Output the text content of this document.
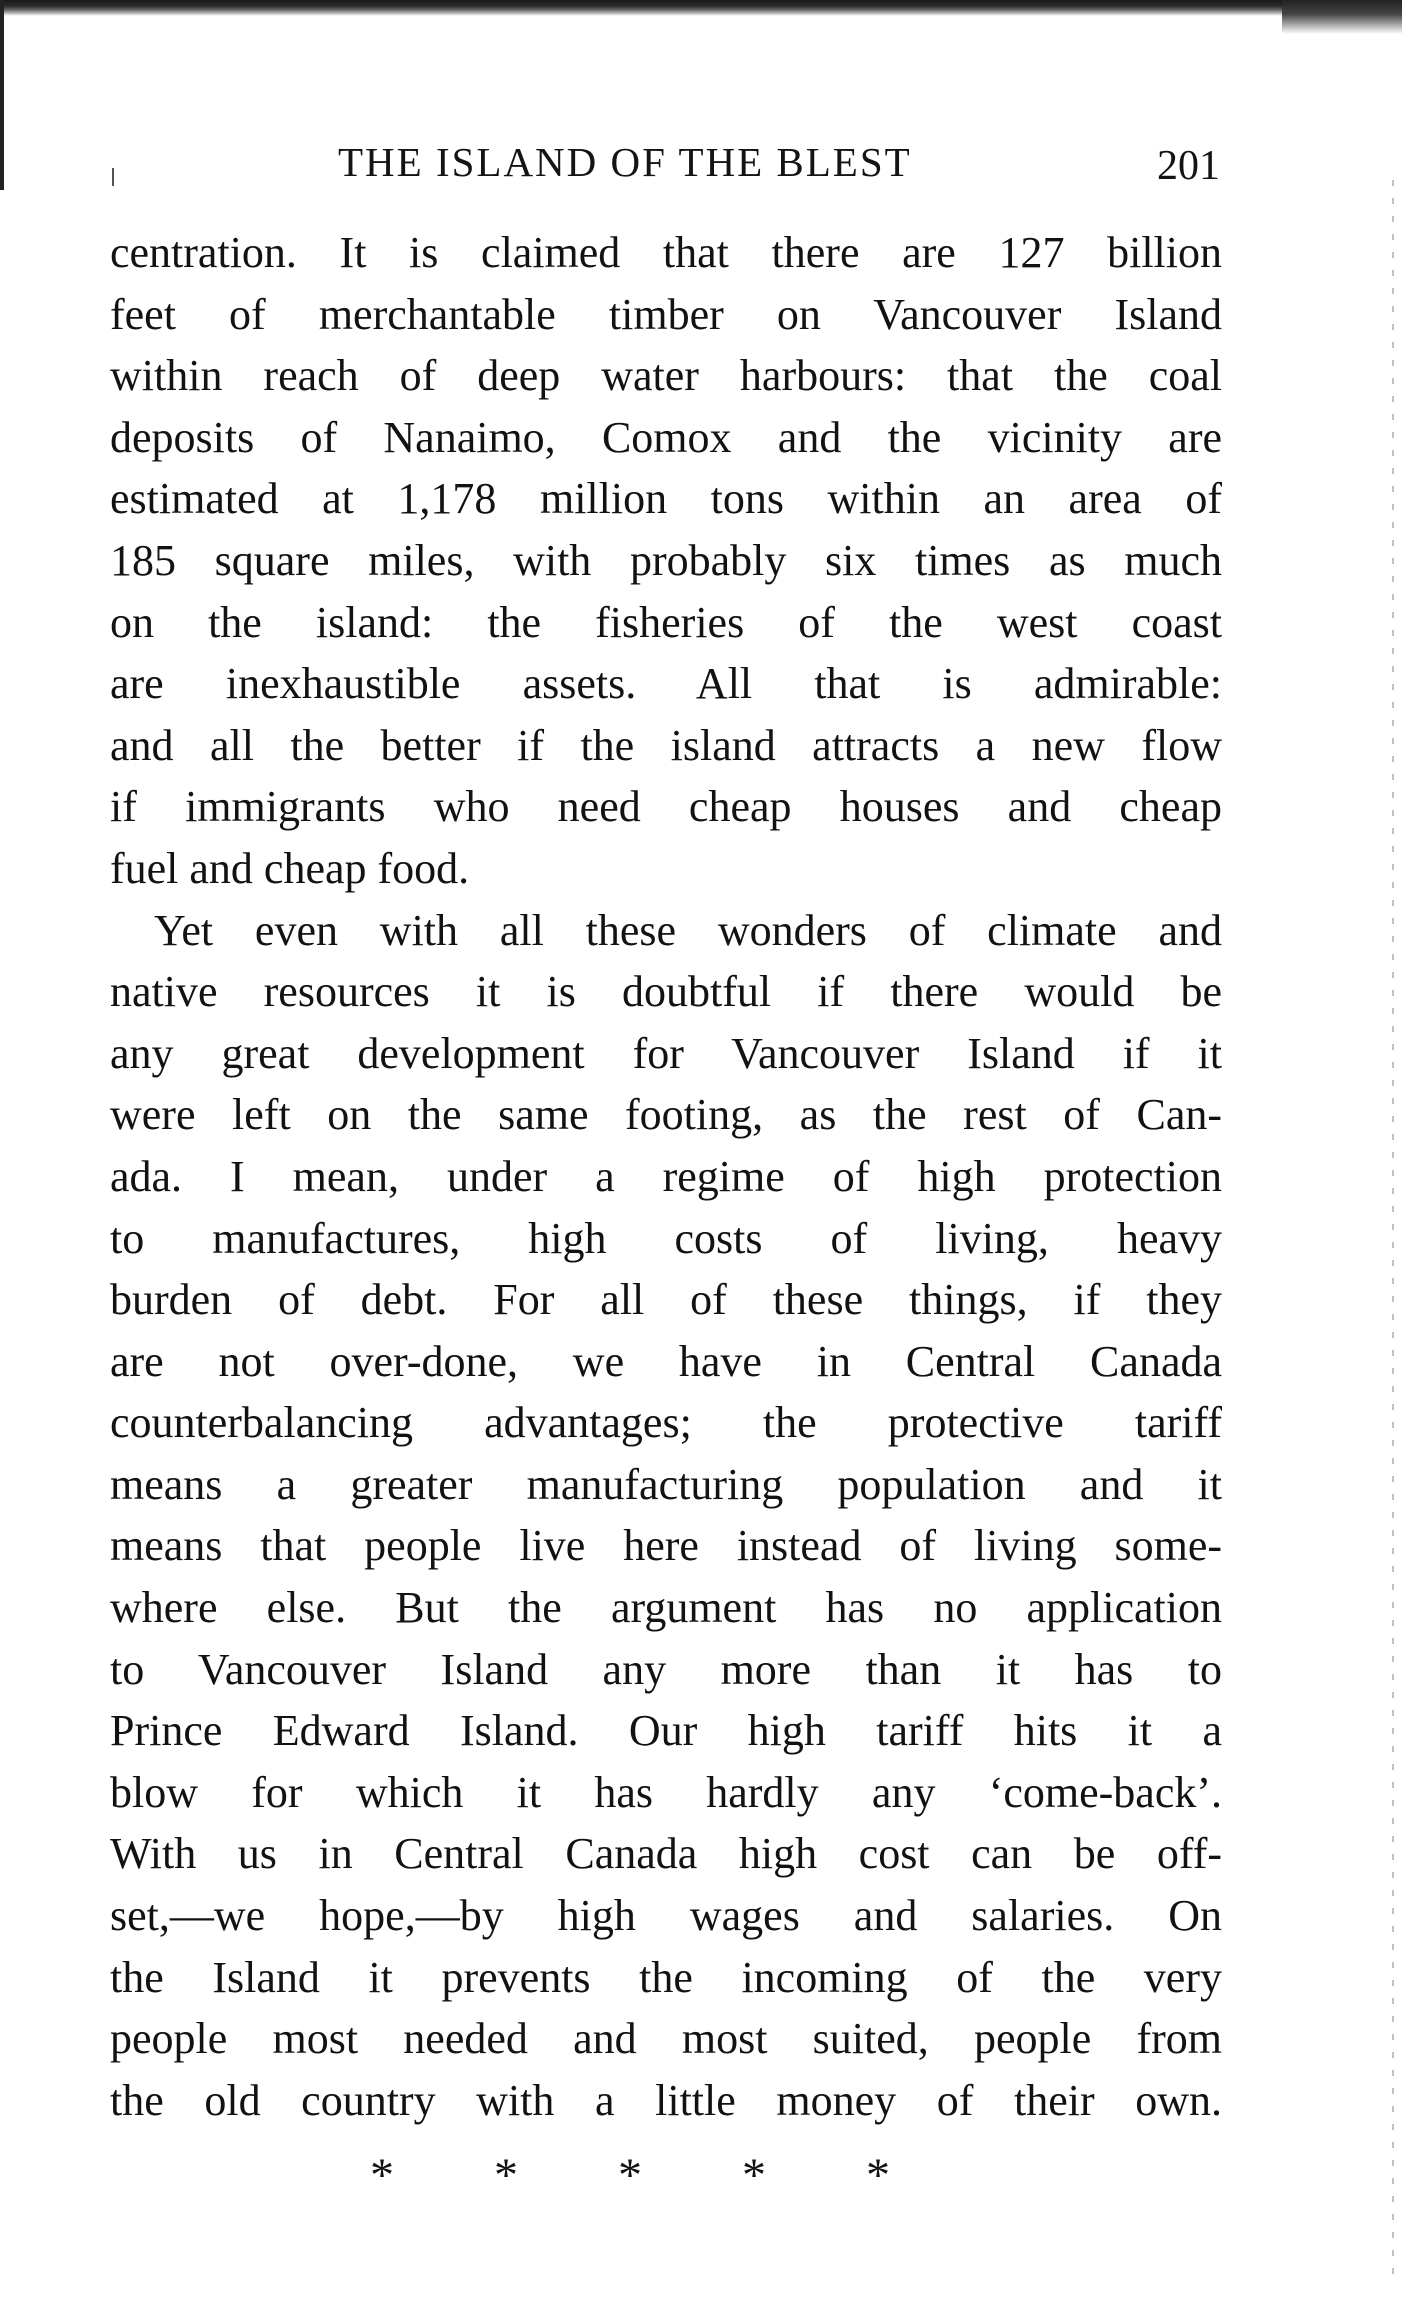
THE ISLAND OF THE BLEST	201
centration. It is claimed that there are 127 billion
feet of merchantable timber on Vancouver Island
within reach of deep water harbours: that the coal
deposits of Nanaimo, Comox and the vicinity are
estimated at 1,178 million tons within an area of
185 square miles, with probably six times as much
on the island: the fisheries of the west coast
are inexhaustible assets. All that is admirable:
and all the better if the island attracts a new flow
if immigrants who need cheap houses and cheap
fuel and cheap food.
Yet even with all these wonders of climate and
native resources it is doubtful if there would be
any great development for Vancouver Island if it
were left on the same footing, as the rest of Can-
ada. I mean, under a regime of high protection
to manufactures, high costs of living, heavy
burden of debt. For all of these things, if they
are not over-done, we have in Central Canada
counterbalancing advantages; the protective tariff
means a greater manufacturing population and it
means that people live here instead of living some-
where else. But the argument has no application
to Vancouver Island any more than it has to
Prince Edward Island. Our high tariff hits it a
blow for which it has hardly any ‘come-back’.
With us in Central Canada high cost can be off-
set,—we hope,—by high wages and salaries. On
the Island it prevents the incoming of the very
people most needed and most suited, people from
the old country with a little money of their own.
* * * * *
